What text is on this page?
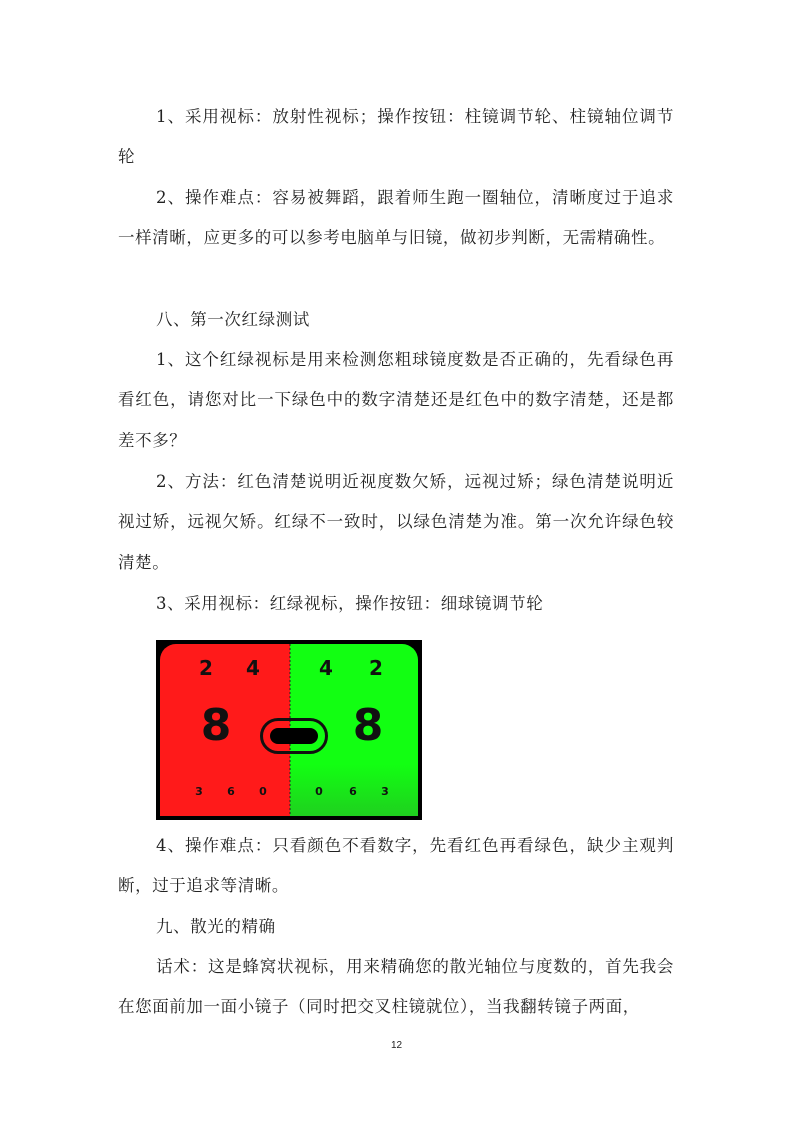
1、采用视标：放射性视标；操作按钮：柱镜调节轮、柱镜轴位调节轮

2、操作难点：容易被舞蹈，跟着师生跑一圈轴位，清晰度过于追求一样清晰，应更多的可以参考电脑单与旧镜，做初步判断，无需精确性。

八、第一次红绿测试

1、这个红绿视标是用来检测您粗球镜度数是否正确的，先看绿色再看红色，请您对比一下绿色中的数字清楚还是红色中的数字清楚，还是都差不多？

2、方法：红色清楚说明近视度数欠矫，远视过矫；绿色清楚说明近视过矫，远视欠矫。红绿不一致时，以绿色清楚为准。第一次允许绿色较清楚。

3、采用视标：红绿视标，操作按钮：细球镜调节轮

2 4	4 2
8	8
3 6 0	0 6 3

4、操作难点：只看颜色不看数字，先看红色再看绿色，缺少主观判断，过于追求等清晰。

九、散光的精确

话术：这是蜂窝状视标，用来精确您的散光轴位与度数的，首先我会在您面前加一面小镜子（同时把交叉柱镜就位），当我翻转镜子两面，

12
